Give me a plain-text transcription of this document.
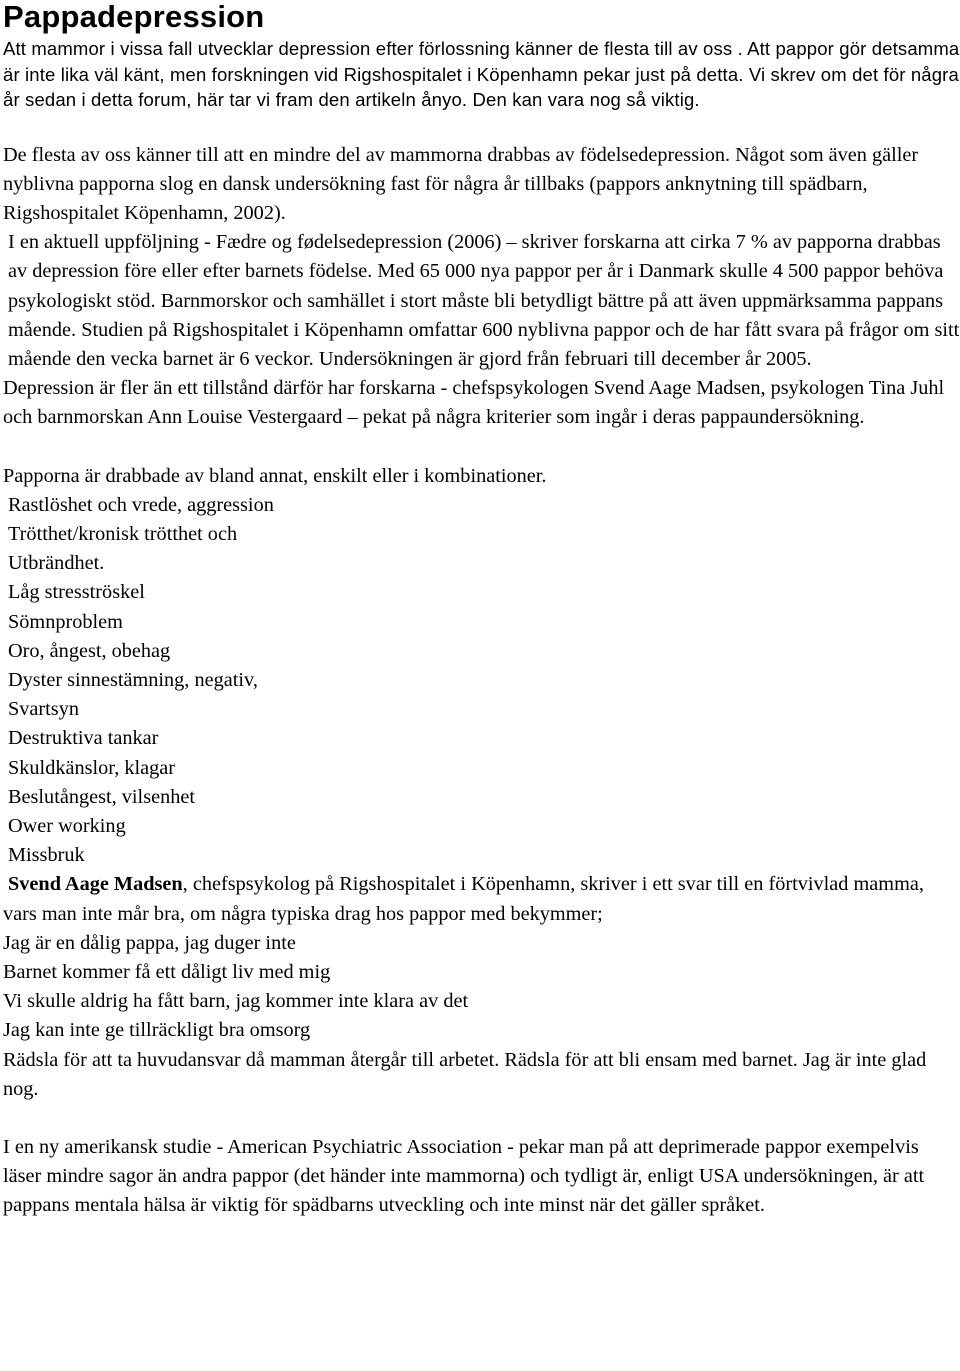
Pappadepression

Att mammor i vissa fall utvecklar depression efter förlossning känner de flesta till av oss . Att pappor gör detsamma är inte lika väl känt, men forskningen vid Rigshospitalet i Köpenhamn pekar just på detta. Vi skrev om det för några år sedan i detta forum, här tar vi fram den artikeln ånyo. Den kan vara nog så viktig.

De flesta av oss känner till att en mindre del av mammorna drabbas av födelsedepression. Något som även gäller nyblivna papporna slog en dansk undersökning fast för några år tillbaks (pappors anknytning till spädbarn, Rigshospitalet Köpenhamn, 2002).

I en aktuell uppföljning - Fædre og fødelsedepression (2006) – skriver forskarna att cirka 7 % av papporna drabbas av depression före eller efter barnets födelse. Med 65 000 nya pappor per år i Danmark skulle 4 500 pappor behöva psykologiskt stöd. Barnmorskor och samhället i stort måste bli betydligt bättre på att även uppmärksamma pappans mående. Studien på Rigshospitalet i Köpenhamn omfattar 600 nyblivna pappor och de har fått svara på frågor om sitt mående den vecka barnet är 6 veckor. Undersökningen är gjord från februari till december år 2005.

Depression är fler än ett tillstånd därför har forskarna - chefspsykologen Svend Aage Madsen, psykologen Tina Juhl och barnmorskan Ann Louise Vestergaard – pekat på några kriterier som ingår i deras pappaundersökning.

Papporna är drabbade av bland annat, enskilt eller i kombinationer.

Rastlöshet och vrede, aggression
Trötthet/kronisk trötthet och
Utbrändhet.
Låg stresströskel
Sömnproblem
Oro, ångest, obehag
Dyster sinnestämning, negativ,
Svartsyn
Destruktiva tankar
Skuldkänslor, klagar
Beslutångest, vilsenhet
Ower working
Missbruk

Svend Aage Madsen, chefspsykolog på Rigshospitalet i Köpenhamn, skriver i ett svar till en förtvivlad mamma, vars man inte mår bra, om några typiska drag hos pappor med bekymmer;

Jag är en dålig pappa, jag duger inte
Barnet kommer få ett dåligt liv med mig
Vi skulle aldrig ha fått barn, jag kommer inte klara av det
Jag kan inte ge tillräckligt bra omsorg
Rädsla för att ta huvudansvar då mamman återgår till arbetet. Rädsla för att bli ensam med barnet. Jag är inte glad nog.

I en ny amerikansk studie - American Psychiatric Association - pekar man på att deprimerade pappor exempelvis läser mindre sagor än andra pappor (det händer inte mammorna) och tydligt är, enligt USA undersökningen, är att pappans mentala hälsa är viktig för spädbarns utveckling och inte minst när det gäller språket.
